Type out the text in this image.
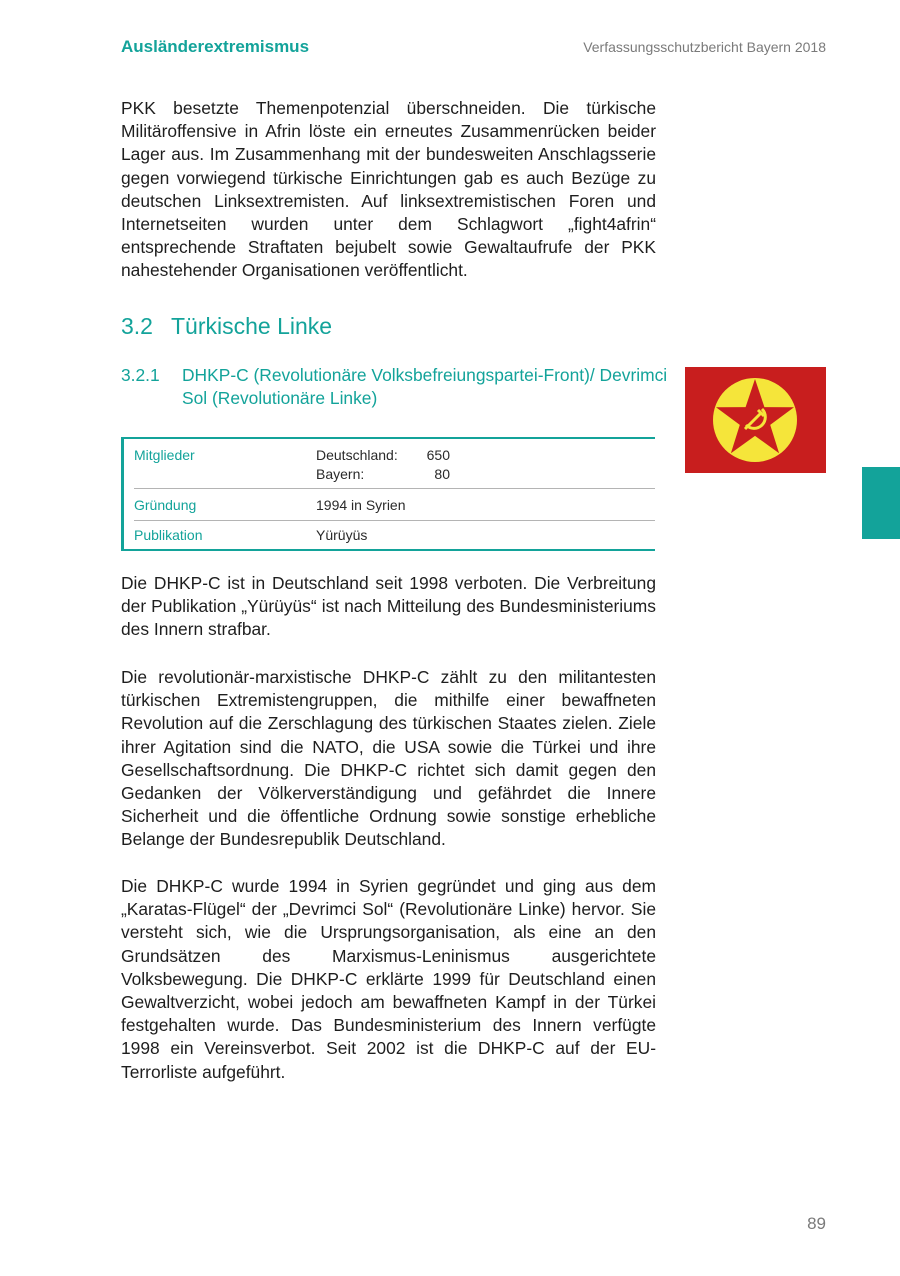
Ausländerextremismus	Verfassungsschutzbericht Bayern 2018

PKK besetzte Themenpotenzial überschneiden. Die türkische Militäroffensive in Afrin löste ein erneutes Zusammenrücken beider Lager aus. Im Zusammenhang mit der bundesweiten Anschlagsserie gegen vorwiegend türkische Einrichtungen gab es auch Bezüge zu deutschen Linksextremisten. Auf linksextremistischen Foren und Internetseiten wurden unter dem Schlagwort „fight4afrin“ entsprechende Straftaten bejubelt sowie Gewaltaufrufe der PKK nahestehender Organisationen veröffentlicht.

3.2 Türkische Linke
3.2.1 DHKP-C (Revolutionäre Volksbefreiungspartei-Front)/ Devrimci Sol (Revolutionäre Linke)
Mitglieder	Deutschland: 650
Bayern:	80
Gründung	1994 in Syrien
Publikation	Yürüyüs

Die DHKP-C ist in Deutschland seit 1998 verboten. Die Verbreitung der Publikation „Yürüyüs“ ist nach Mitteilung des Bundesministeriums des Innern strafbar.

Die revolutionär-marxistische DHKP-C zählt zu den militantesten türkischen Extremistengruppen, die mithilfe einer bewaffneten Revolution auf die Zerschlagung des türkischen Staates zielen. Ziele ihrer Agitation sind die NATO, die USA sowie die Türkei und ihre Gesellschaftsordnung. Die DHKP-C richtet sich damit gegen den Gedanken der Völkerverständigung und gefährdet die Innere Sicherheit und die öffentliche Ordnung sowie sonstige erhebliche Belange der Bundesrepublik Deutschland.

Die DHKP-C wurde 1994 in Syrien gegründet und ging aus dem „Karatas-Flügel“ der „Devrimci Sol“ (Revolutionäre Linke) hervor. Sie versteht sich, wie die Ursprungsorganisation, als eine an den Grundsätzen des Marxismus-Leninismus ausgerichtete Volksbewegung. Die DHKP-C erklärte 1999 für Deutschland einen Gewaltverzicht, wobei jedoch am bewaffneten Kampf in der Türkei festgehalten wurde. Das Bundesministerium des Innern verfügte 1998 ein Vereinsverbot. Seit 2002 ist die DHKP-C auf der EU-Terrorliste aufgeführt.

89
